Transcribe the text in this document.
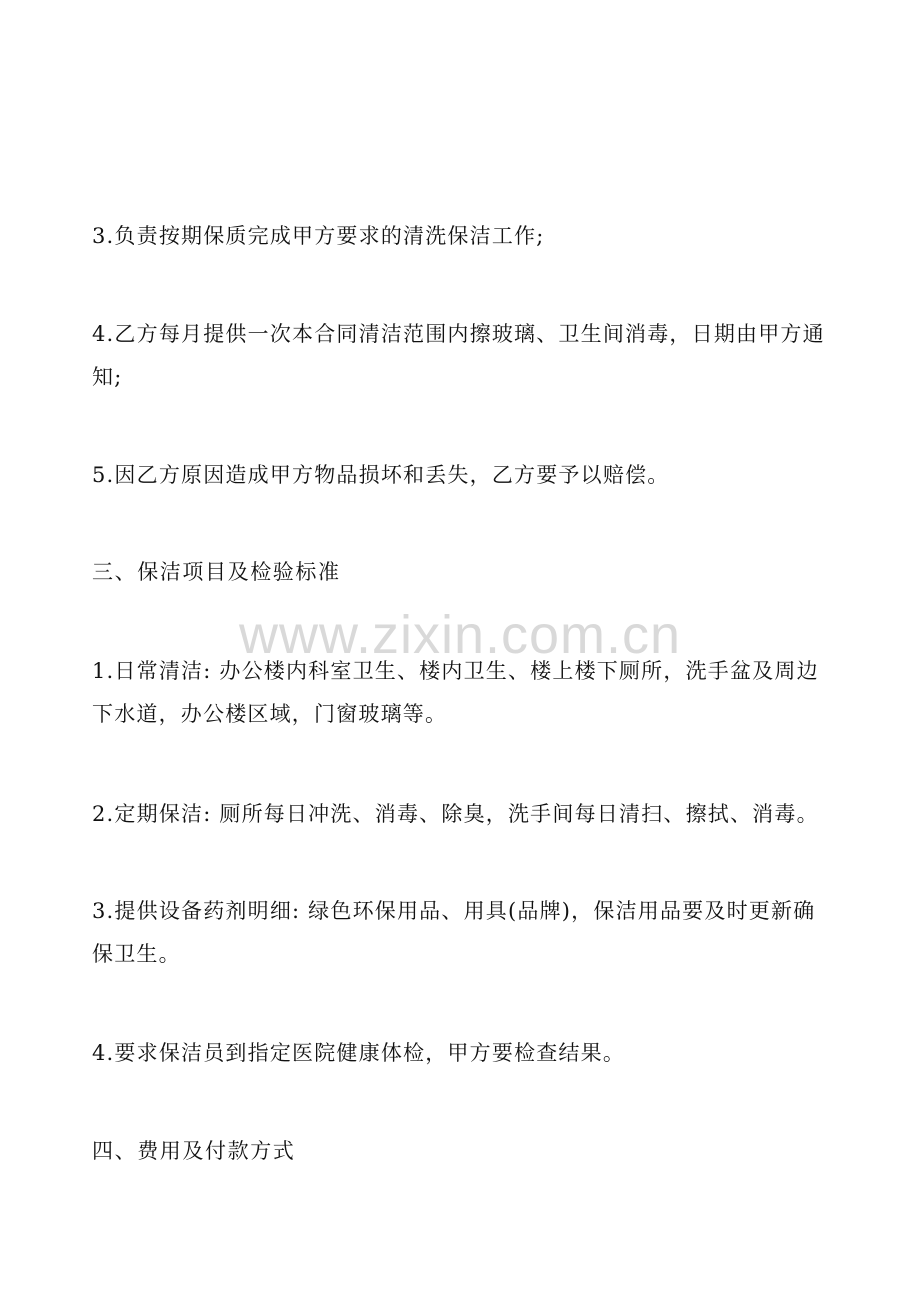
www.zixin.com.cn

3.负责按期保质完成甲方要求的清洗保洁工作;

4.乙方每月提供一次本合同清洁范围内擦玻璃、卫生间消毒，日期由甲方通知;

5.因乙方原因造成甲方物品损坏和丢失，乙方要予以赔偿。

三、保洁项目及检验标准

1.日常清洁: 办公楼内科室卫生、楼内卫生、楼上楼下厕所，洗手盆及周边下水道，办公楼区域，门窗玻璃等。

2.定期保洁: 厕所每日冲洗、消毒、除臭，洗手间每日清扫、擦拭、消毒。

3.提供设备药剂明细: 绿色环保用品、用具(品牌)，保洁用品要及时更新确保卫生。

4.要求保洁员到指定医院健康体检，甲方要检查结果。

四、费用及付款方式
